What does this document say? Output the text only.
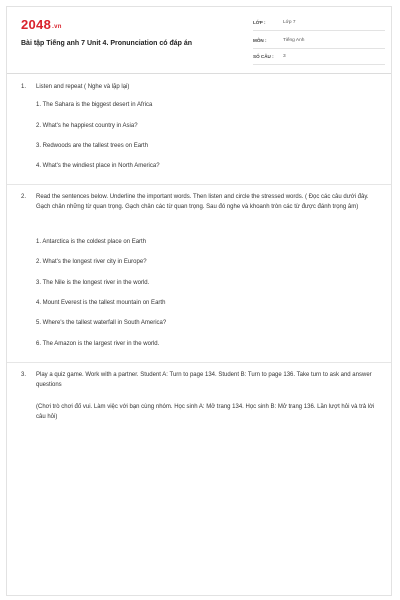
2048.vn
Bài tập Tiếng anh 7 Unit 4. Pronunciation có đáp án
LỚP :	Lớp 7
MÔN :	Tiếng Anh
SỐ CÂU : 3
1. Listen and repeat ( Nghe và lặp lại)
1. The Sahara is the biggest desert in Africa
2. What's he happiest country in Asia?
3. Redwoods are the tallest trees on Earth
4. What's the windiest place in North America?
2. Read the sentences below. Underline the important words. Then listen and circle the stressed words. ( Đọc các câu dưới đây. Gạch chân những từ quan trọng. Gạch chân các từ quan trọng. Sau đó nghe và khoanh tròn các từ được đánh trọng âm)
1. Antarctica is the coldest place on Earth
2. What's the longest river city in Europe?
3. The Nile is the longest river in the world.
4. Mount Everest is the tallest mountain on Earth
5. Where's the tallest waterfall in South America?
6. The Amazon is the largest river in the world.
3. Play a quiz game. Work with a partner. Student A: Turn to page 134. Student B: Turn to page 136. Take turn to ask and answer questions
(Chơi trò chơi đố vui. Làm việc với bạn cùng nhóm. Học sinh A: Mở trang 134. Học sinh B: Mở trang 136. Lần lượt hỏi và trả lời câu hỏi)
